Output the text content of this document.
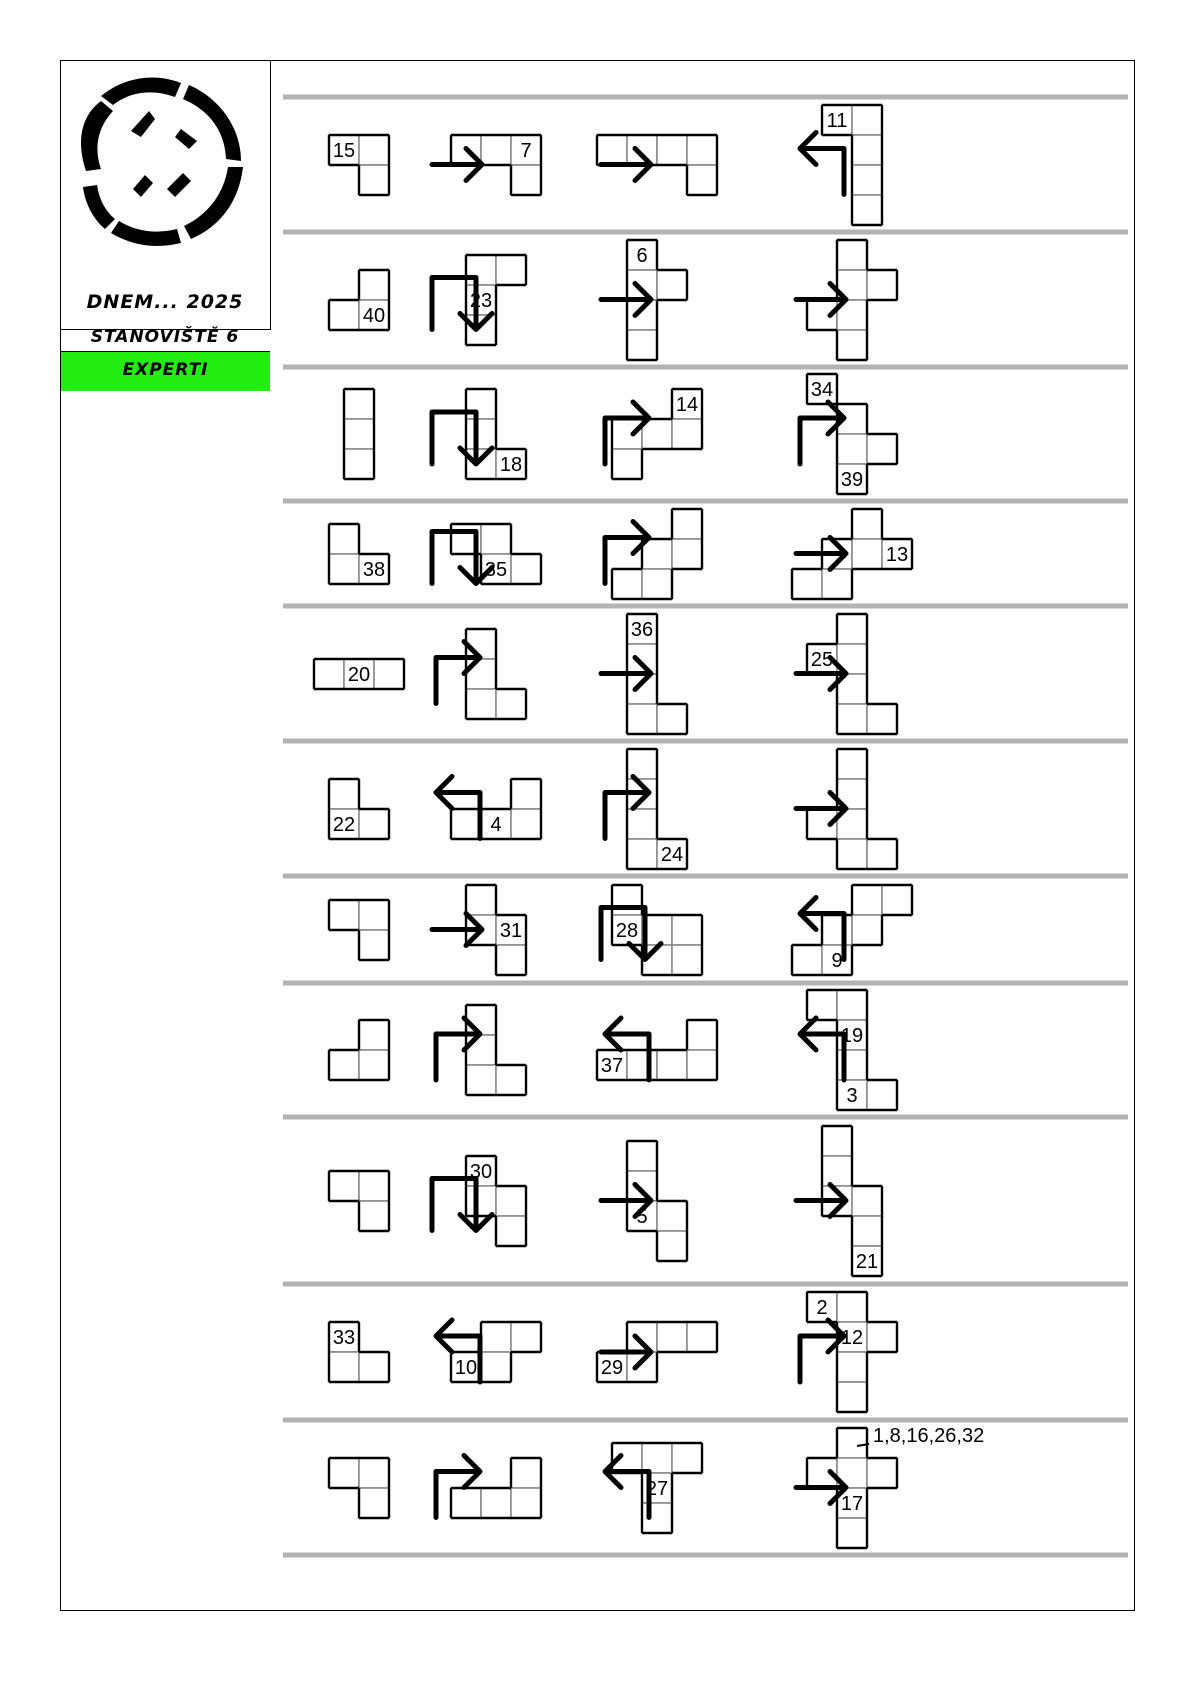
DNEM... 2025
STANOVIŠTĚ 6
EXPERTI
15	7
11
40
23
6
18
14
34
39
38	35
13
20
36
25
22	4
24
31	28
9
37
19
3
30
5
21
33
10	29
2
12
27
17
1,8,16,26,32
